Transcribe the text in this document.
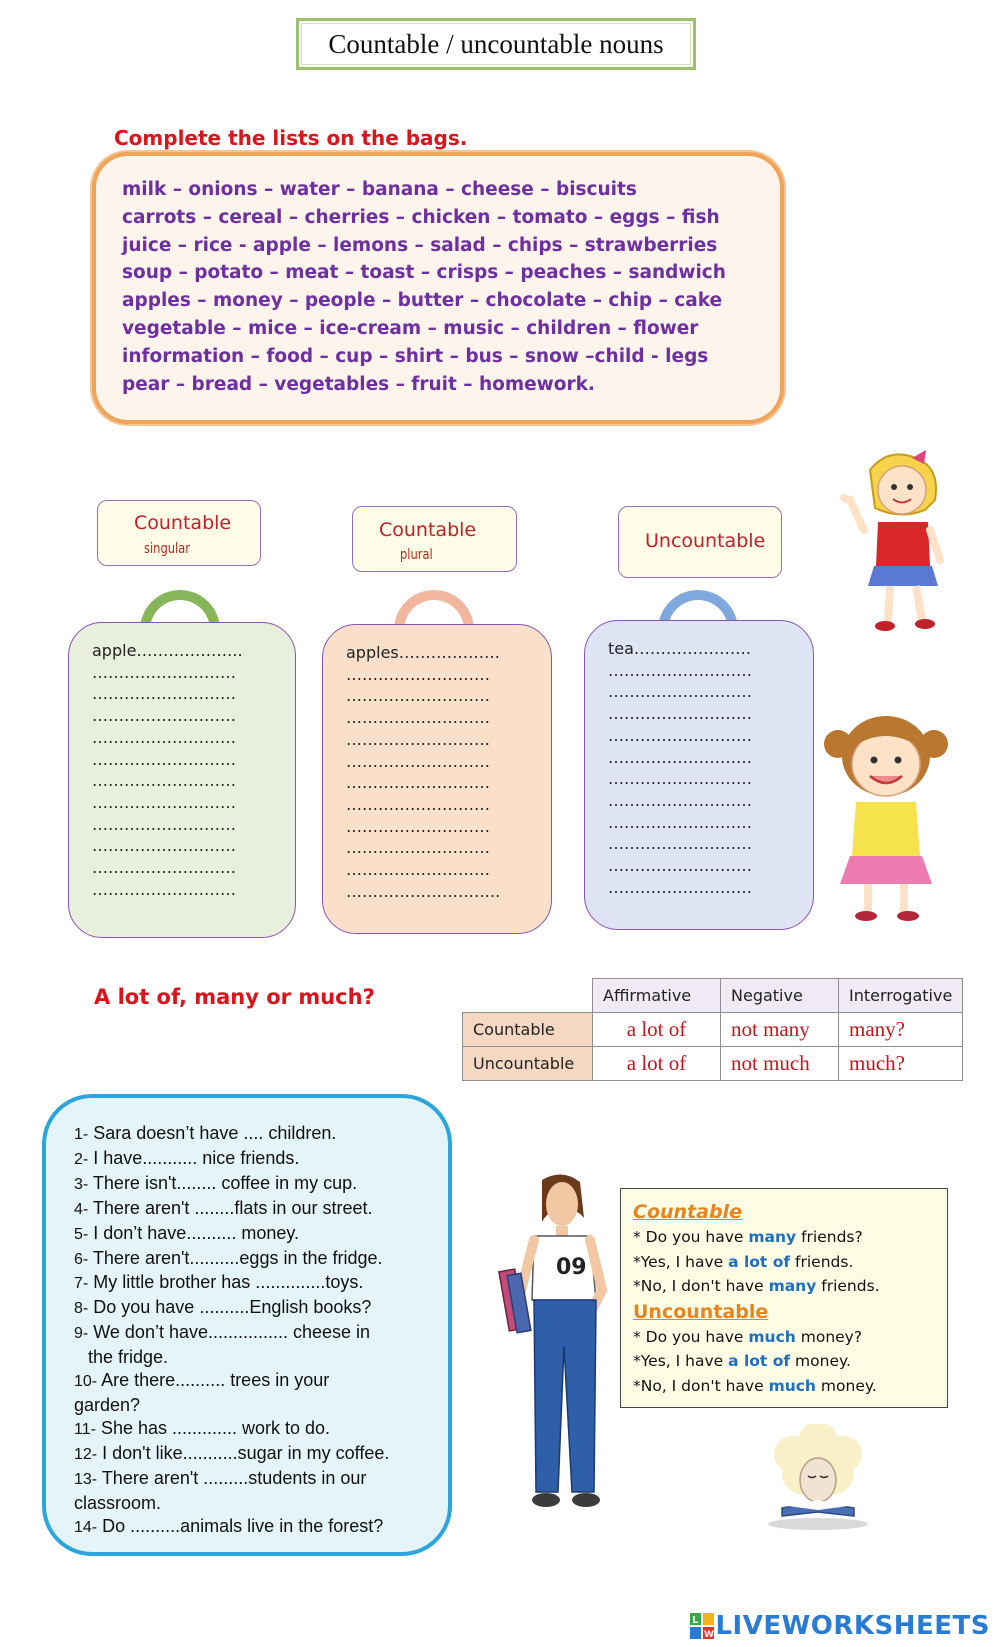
Countable / uncountable nouns
Complete the lists on the bags.
milk – onions – water – banana – cheese – biscuits
carrots – cereal – cherries – chicken – tomato – eggs – fish
juice – rice - apple – lemons – salad – chips – strawberries
soup – potato – meat – toast – crisps – peaches – sandwich
apples – money – people – butter – chocolate – chip – cake
vegetable – mice – ice-cream – music – children – flower
information – food – cup – shirt – bus – snow –child - legs
pear – bread – vegetables – fruit – homework.
Countable
singular
Countable
plural
Uncountable
apple………………..
………………………
………………………
………………………
………………………
………………………
………………………
………………………
………………………
………………………
………………………
………………………
apples……………….
………………………
………………………
………………………
………………………
………………………
………………………
………………………
………………………
………………………
………………………
………………………..
tea………………….
………………………
………………………
………………………
………………………
………………………
………………………
………………………
………………………
………………………
………………………
………………………
A lot of, many or much?
		Affirmative	Negative	Interrogative
Countable	a lot of	not many	many?
Uncountable	a lot of	not much	much?
1- Sara doesn’t have .... children.
2- I have........... nice friends.
3- There isn't........ coffee in my cup.
4- There aren't ........flats in our street.
5- I don’t have.......... money.
6- There aren't..........eggs in the fridge.
7- My little brother has ..............toys.
8- Do you have ..........English books?
9- We don’t have................ cheese in
the fridge.
10- Are there.......... trees in your
garden?
11- She has ............. work to do.
12- I don't like...........sugar in my coffee.
13- There aren't .........students in our
classroom.
14- Do ..........animals live in the forest?
09
Countable
* Do you have many friends?
*Yes, I have a lot of friends.
*No, I don't have many friends.
Uncountable
* Do you have much money?
*Yes, I have a lot of money.
*No, I don't have much money.
L
W LIVEWORKSHEETS
